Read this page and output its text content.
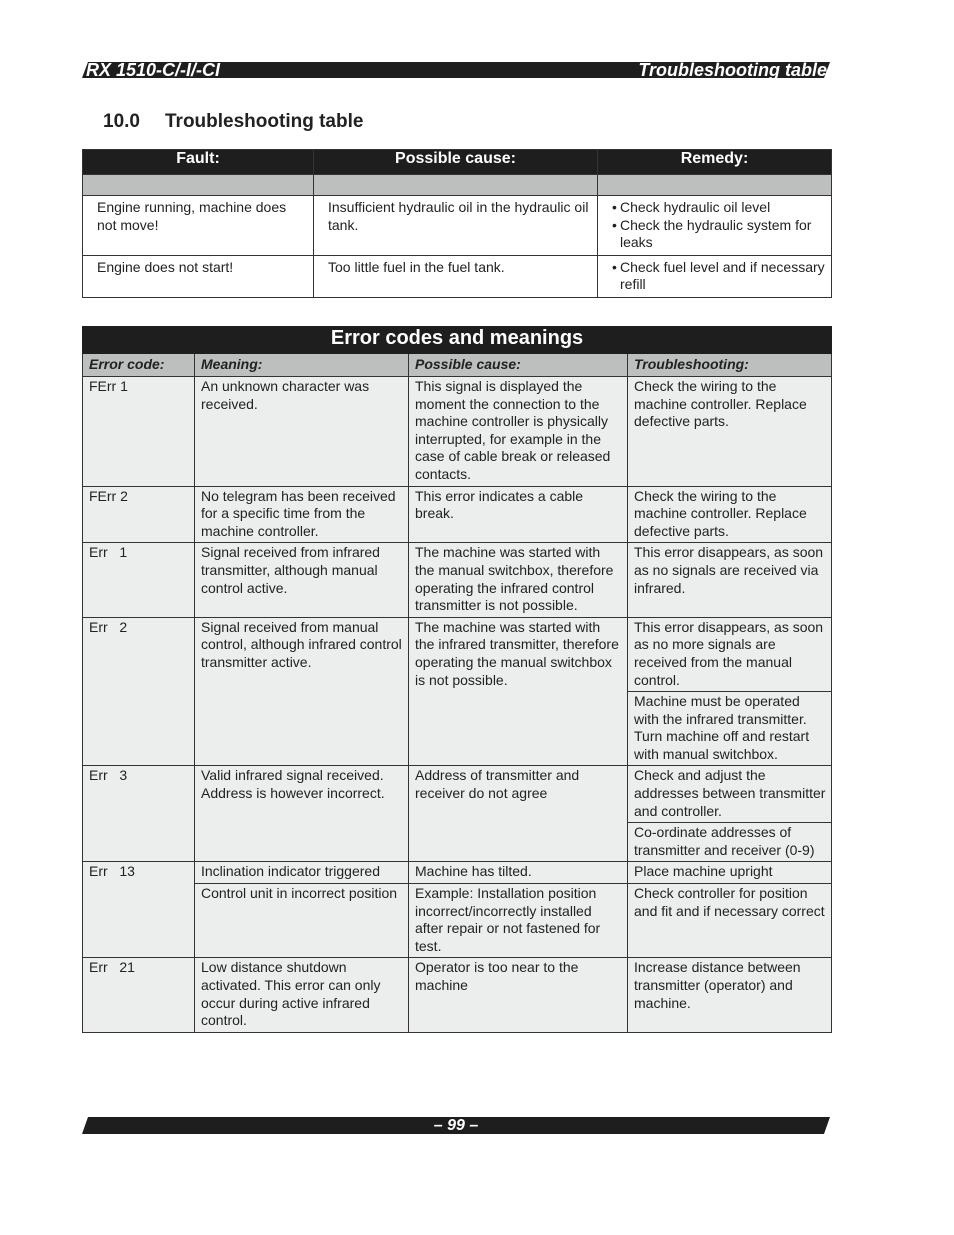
RX 1510-C/-I/-CI	Troubleshooting table
10.0 Troubleshooting table
Fault:	Possible cause:	Remedy:

Engine running, machine does not move!	Insufficient hydraulic oil in the hydraulic oil tank.	• Check hydraulic oil level
• Check the hydraulic system for leaks

Engine does not start!	Too little fuel in the fuel tank.	• Check fuel level and if necessary refill
Error codes and meanings			
Error code:	Meaning:	Possible cause:	Troubleshooting:
FErr 1	An unknown character was received.	This signal is displayed the moment the connection to the machine controller is physically interrupted, for example in the case of cable break or released contacts.	Check the wiring to the machine controller. Replace defective parts.
FErr 2	No telegram has been received for a specific time from the machine controller.	This error indicates a cable break.	Check the wiring to the machine controller. Replace defective parts.
Err   1	Signal received from infrared transmitter, although manual control active.	The machine was started with the manual switchbox, therefore operating the infrared control transmitter is not possible.	This error disappears, as soon as no signals are received via infrared.
Err   2	Signal received from manual control, although infrared control transmitter active.	The machine was started with the infrared transmitter, therefore operating the manual switchbox is not possible.	This error disappears, as soon as no more signals are received from the manual control.
			Machine must be operated with the infrared transmitter. Turn machine off and restart with manual switchbox.
Err   3	Valid infrared signal received. Address is however incorrect.	Address of transmitter and receiver do not agree	Check and adjust the addresses between transmitter and controller.
			Co-ordinate addresses of transmitter and receiver (0-9)
Err   13	Inclination indicator triggered	Machine has tilted.	Place machine upright
	Control unit in incorrect position	Example: Installation position incorrect/incorrectly installed after repair or not fastened for test.	Check controller for position and fit and if necessary correct
Err   21	Low distance shutdown activated. This error can only occur during active infrared control.	Operator is too near to the machine	Increase distance between transmitter (operator) and machine.
– 99 –
